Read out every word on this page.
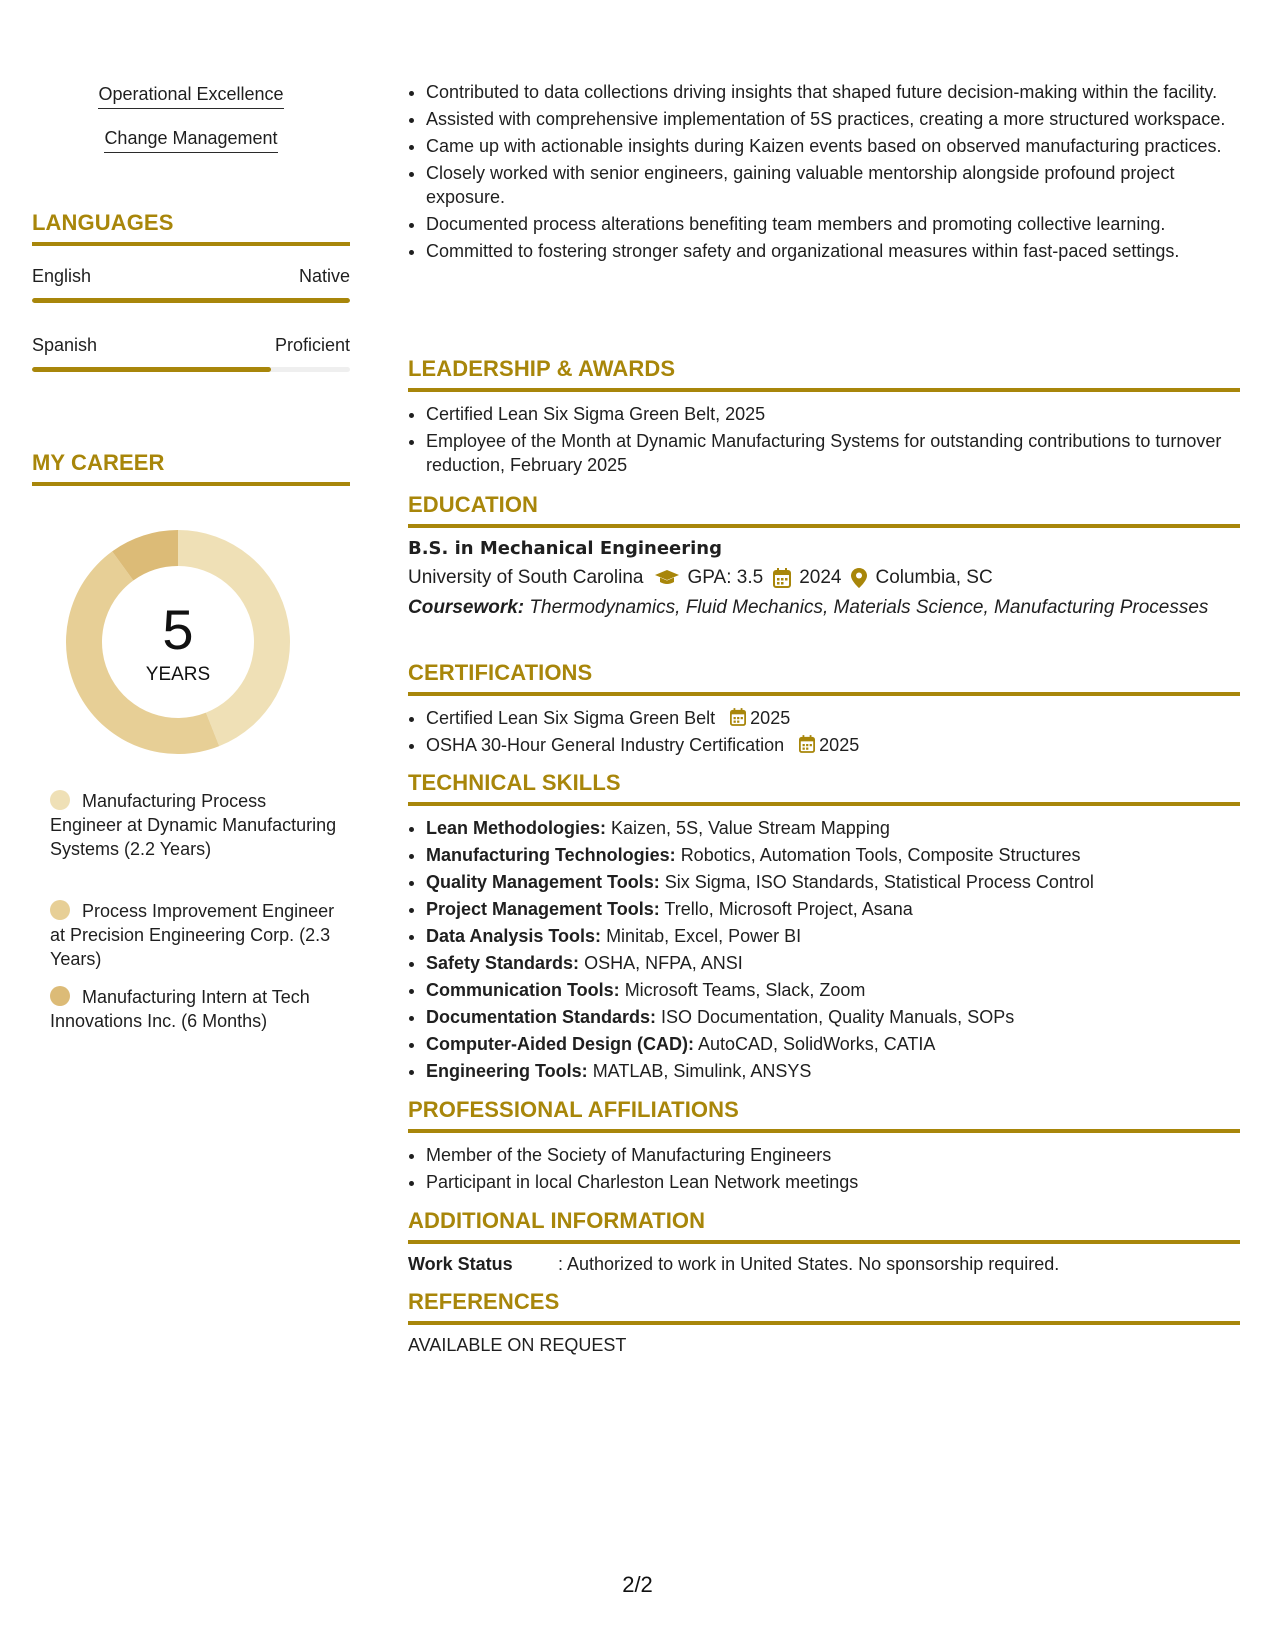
Operational Excellence
Change Management
LANGUAGES
English	Native
Spanish	Proficient
MY CAREER
5
YEARS
Manufacturing Process Engineer at Dynamic Manufacturing Systems (2.2 Years)
Process Improvement Engineer at Precision Engineering Corp. (2.3 Years)
Manufacturing Intern at Tech Innovations Inc. (6 Months)
• Contributed to data collections driving insights that shaped future decision-making within the facility.
• Assisted with comprehensive implementation of 5S practices, creating a more structured workspace.
• Came up with actionable insights during Kaizen events based on observed manufacturing practices.
• Closely worked with senior engineers, gaining valuable mentorship alongside profound project exposure.
• Documented process alterations benefiting team members and promoting collective learning.
• Committed to fostering stronger safety and organizational measures within fast-paced settings.
LEADERSHIP & AWARDS
• Certified Lean Six Sigma Green Belt, 2025
• Employee of the Month at Dynamic Manufacturing Systems for outstanding contributions to turnover reduction, February 2025
EDUCATION
B.S. in Mechanical Engineering
University of South Carolina GPA: 3.5 2024 Columbia, SC
Coursework: Thermodynamics, Fluid Mechanics, Materials Science, Manufacturing Processes
CERTIFICATIONS
• Certified Lean Six Sigma Green Belt 2025
• OSHA 30-Hour General Industry Certification 2025
TECHNICAL SKILLS
• Lean Methodologies: Kaizen, 5S, Value Stream Mapping
• Manufacturing Technologies: Robotics, Automation Tools, Composite Structures
• Quality Management Tools: Six Sigma, ISO Standards, Statistical Process Control
• Project Management Tools: Trello, Microsoft Project, Asana
• Data Analysis Tools: Minitab, Excel, Power BI
• Safety Standards: OSHA, NFPA, ANSI
• Communication Tools: Microsoft Teams, Slack, Zoom
• Documentation Standards: ISO Documentation, Quality Manuals, SOPs
• Computer-Aided Design (CAD): AutoCAD, SolidWorks, CATIA
• Engineering Tools: MATLAB, Simulink, ANSYS
PROFESSIONAL AFFILIATIONS
• Member of the Society of Manufacturing Engineers
• Participant in local Charleston Lean Network meetings
ADDITIONAL INFORMATION
Work Status	: Authorized to work in United States. No sponsorship required.
REFERENCES
AVAILABLE ON REQUEST
2/2
